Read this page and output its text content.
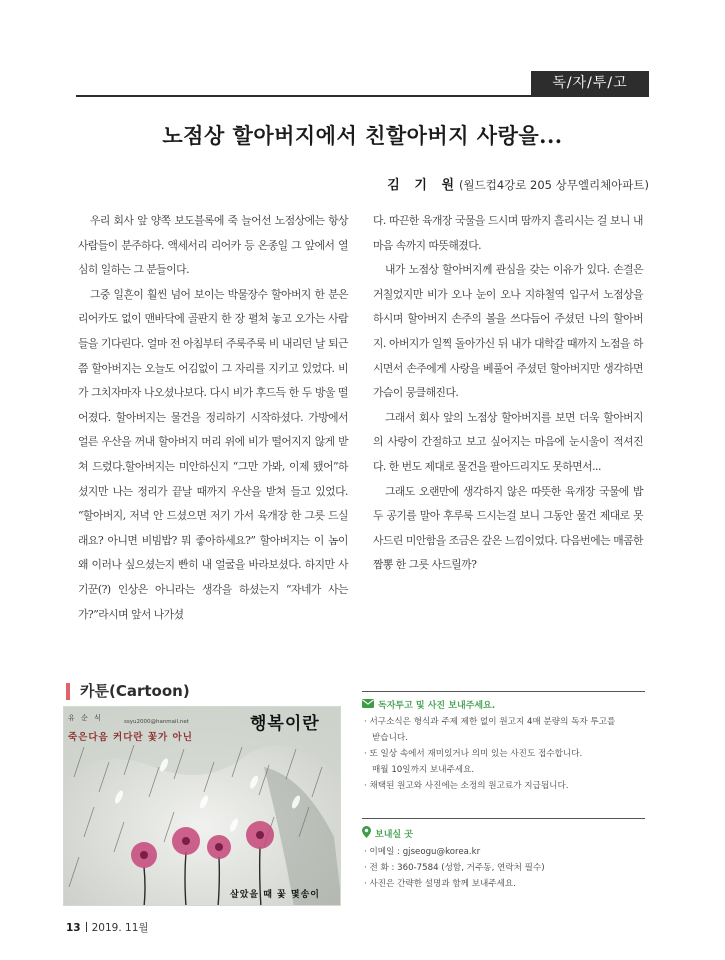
독/자/투/고
노점상 할아버지에서 친할아버지 사랑을...
김 기 원(월드컵4강로 205 상무엘리체아파트)

우리 회사 앞 양쪽 보도블록에 죽 늘어선 노점상에는 항상 사람들이 분주하다. 액세서리 리어카 등 온종일 그 앞에서 열심히 일하는 그 분들이다.

그중 일흔이 훨씬 넘어 보이는 박물장수 할아버지 한 분은 리어카도 없이 맨바닥에 골판지 한 장 펼쳐 놓고 오가는 사람들을 기다린다. 얼마 전 아침부터 주룩주룩 비 내리던 날 퇴근쯤 할아버지는 오늘도 어김없이 그 자리를 지키고 있었다. 비가 그치자마자 나오셨나보다. 다시 비가 후드득 한 두 방울 떨어졌다. 할아버지는 물건을 정리하기 시작하셨다. 가방에서 얼른 우산을 꺼내 할아버지 머리 위에 비가 떨어지지 않게 받쳐 드렸다.할아버지는 미안하신지 “그만 가봐, 이제 됐어”하셨지만 나는 정리가 끝날 때까지 우산을 받쳐 들고 있었다. “할아버지, 저녁 안 드셨으면 저기 가서 육개장 한 그릇 드실래요? 아니면 비빔밥? 뭐 좋아하세요?” 할아버지는 이 놈이 왜 이러나 싶으셨는지 빤히 내 얼굴을 바라보셨다. 하지만 사기꾼(?) 인상은 아니라는 생각을 하셨는지 “자네가 사는가?”라시며 앞서 나가셨

다. 따끈한 육개장 국물을 드시며 땀까지 흘리시는 걸 보니 내 마음 속까지 따뜻해졌다.

내가 노점상 할아버지께 관심을 갖는 이유가 있다. 손결은 거칠었지만 비가 오나 눈이 오나 지하철역 입구서 노점상을 하시며 할아버지 손주의 볼을 쓰다듬어 주셨던 나의 할아버지. 아버지가 일찍 돌아가신 뒤 내가 대학갈 때까지 노점을 하시면서 손주에게 사랑을 베풀어 주셨던 할아버지만 생각하면 가슴이 뭉클해진다.

그래서 회사 앞의 노점상 할아버지를 보면 더욱 할아버지의 사랑이 간절하고 보고 싶어지는 마음에 눈시울이 적셔진다. 한 번도 제대로 물건을 팔아드리지도 못하면서...

그래도 오랜만에 생각하지 않은 따뜻한 육개장 국물에 밥 두 공기를 말아 후루룩 드시는걸 보니 그동안 물건 제대로 못 사드린 미안함을 조금은 갚은 느낌이었다. 다음번에는 매콤한 짬뽕 한 그릇 사드릴까?

카툰(Cartoon)
유 순 식	ssyu2000@hanmail.net	행복이란
죽은다음 커다란 꽃가 아닌
살았을 때 꽃 몇송이
독자투고 및 사진 보내주세요.
· 서구소식은 형식과 주제 제한 없이 원고지 4매 분량의 독자 투고를
받습니다.
· 또 일상 속에서 재미있거나 의미 있는 사진도 접수합니다.
매월 10일까지 보내주세요.
· 채택된 원고와 사진에는 소정의 원고료가 지급됩니다.
보내실 곳
· 이메일 : gjseogu@korea.kr
· 전 화 : 360-7584 (성함, 거주동, 연락처 필수)
· 사진은 간략한 설명과 함께 보내주세요.
13 2019. 11월
